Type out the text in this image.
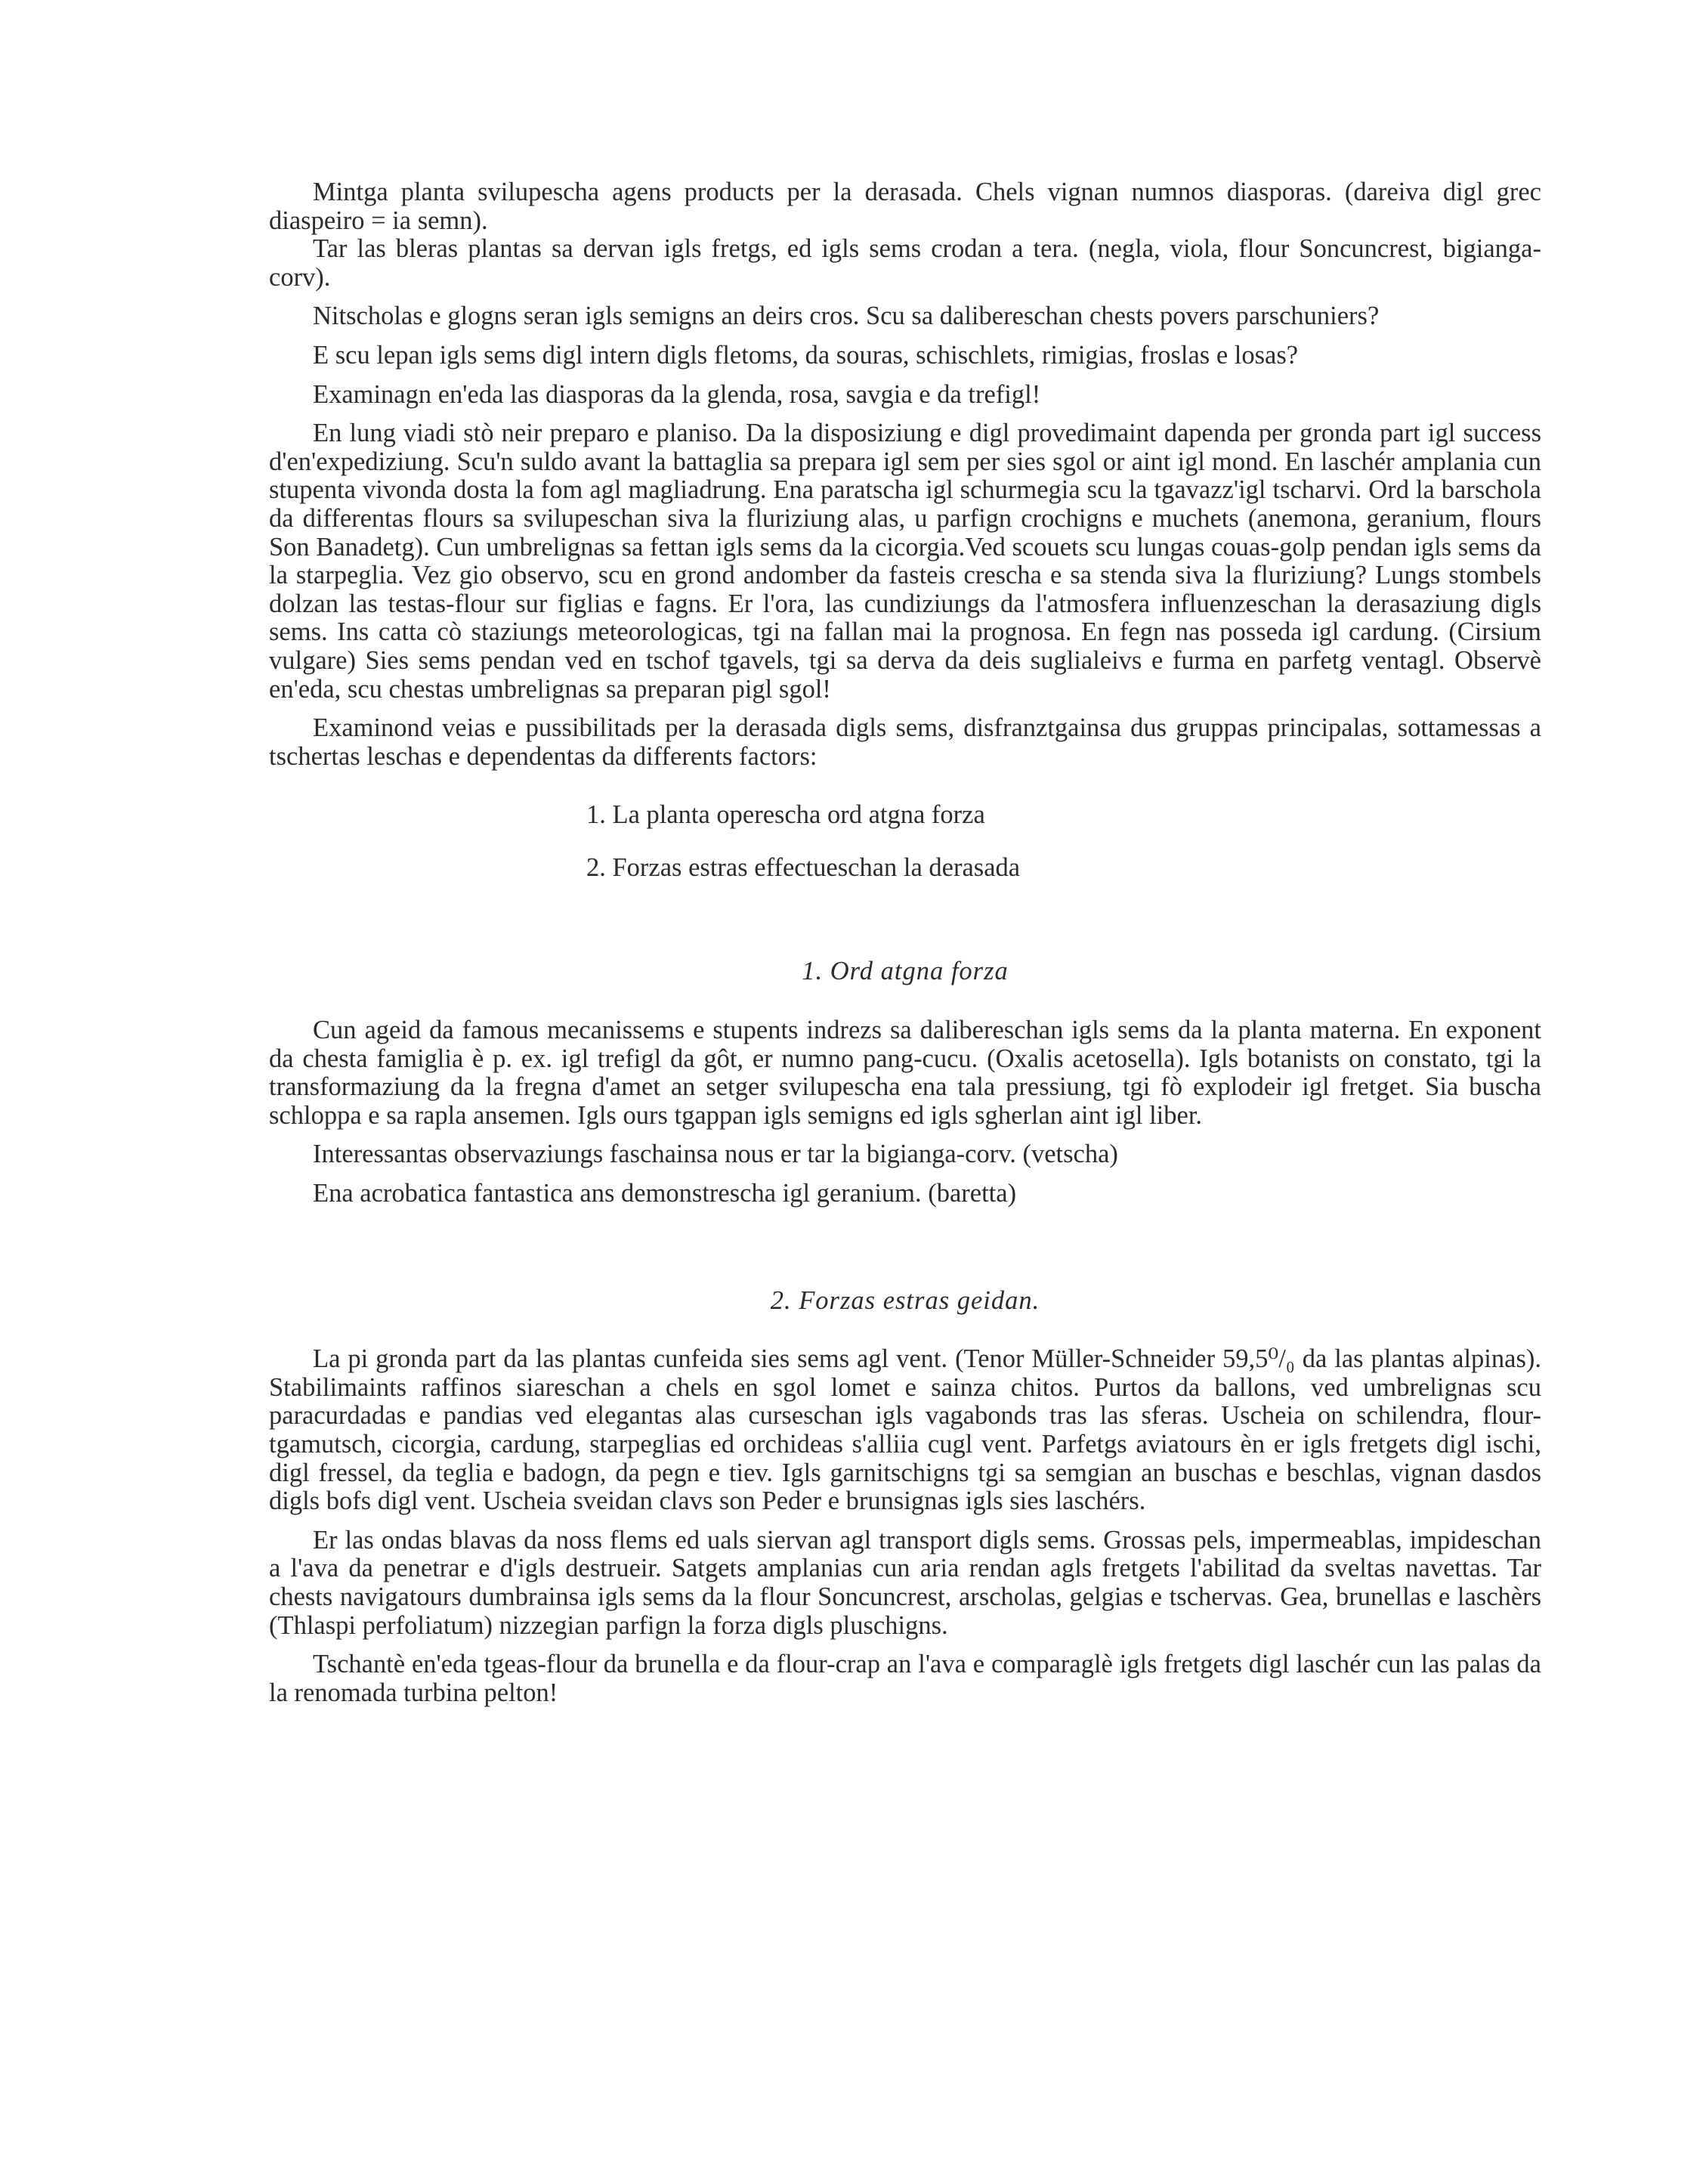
Mintga planta svilupescha agens products per la derasada. Chels vignan numnos diasporas. (dareiva digl grec diaspeiro = ia semn).

Tar las bleras plantas sa dervan igls fretgs, ed igls sems crodan a tera. (negla, viola, flour Soncuncrest, bigianga-corv).

Nitscholas e glogns seran igls semigns an deirs cros. Scu sa dalibereschan chests povers parschuniers?

E scu lepan igls sems digl intern digls fletoms, da souras, schischlets, rimigias, froslas e losas?

Examinagn en'eda las diasporas da la glenda, rosa, savgia e da trefigl!

En lung viadi stò neir preparo e planiso. Da la disposiziung e digl provedimaint dapenda per gronda part igl success d'en'expediziung. Scu'n suldo avant la battaglia sa prepara igl sem per sies sgol or aint igl mond. En laschér amplania cun stupenta vivonda dosta la fom agl magliadrung. Ena paratscha igl schurmegia scu la tgavazz'igl tscharvi. Ord la barschola da differentas flours sa svilupeschan siva la fluriziung alas, u parfign crochigns e muchets (anemona, geranium, flours Son Banadetg). Cun umbrelignas sa fettan igls sems da la cicorgia.Ved scouets scu lungas couas-golp pendan igls sems da la starpeglia. Vez gio observo, scu en grond andomber da fasteis crescha e sa stenda siva la fluriziung? Lungs stombels dolzan las testas-flour sur figlias e fagns. Er l'ora, las cundiziungs da l'atmosfera influenzeschan la derasaziung digls sems. Ins catta cò staziungs meteorologicas, tgi na fallan mai la prognosa. En fegn nas posseda igl cardung. (Cirsium vulgare) Sies sems pendan ved en tschof tgavels, tgi sa derva da deis suglialeivs e furma en parfetg ventagl. Observè en'eda, scu chestas umbrelignas sa preparan pigl sgol!

Examinond veias e pussibilitads per la derasada digls sems, disfranztgainsa dus gruppas principalas, sottamessas a tschertas leschas e dependentas da differents factors:

1. La planta operescha ord atgna forza
2. Forzas estras effectueschan la derasada
1. Ord atgna forza

Cun ageid da famous mecanissems e stupents indrezs sa dalibereschan igls sems da la planta materna. En exponent da chesta famiglia è p. ex. igl trefigl da gôt, er numno pang-cucu. (Oxalis acetosella). Igls botanists on constato, tgi la transformaziung da la fregna d'amet an setger svilupescha ena tala pressiung, tgi fò explodeir igl fretget. Sia buscha schloppa e sa rapla ansemen. Igls ours tgappan igls semigns ed igls sgherlan aint igl liber.

Interessantas observaziungs faschainsa nous er tar la bigianga-corv. (vetscha)

Ena acrobatica fantastica ans demonstrescha igl geranium. (baretta)

2. Forzas estras geidan.

La pi gronda part da las plantas cunfeida sies sems agl vent. (Tenor Müller-Schneider 59,5⁰/₀ da las plantas alpinas). Stabilimaints raffinos siareschan a chels en sgol lomet e sainza chitos. Purtos da ballons, ved umbrelignas scu paracurdadas e pandias ved elegantas alas curseschan igls vagabonds tras las sferas. Uscheia on schilendra, flour-tgamutsch, cicorgia, cardung, starpeglias ed orchideas s'alliia cugl vent. Parfetgs aviatours èn er igls fretgets digl ischi, digl fressel, da teglia e badogn, da pegn e tiev. Igls garnitschigns tgi sa semgian an buschas e beschlas, vignan dasdos digls bofs digl vent. Uscheia sveidan clavs son Peder e brunsignas igls sies laschérs.

Er las ondas blavas da noss flems ed uals siervan agl transport digls sems. Grossas pels, impermeablas, impideschan a l'ava da penetrar e d'igls destrueir. Satgets amplanias cun aria rendan agls fretgets l'abilitad da sveltas navettas. Tar chests navigatours dumbrainsa igls sems da la flour Soncuncrest, arscholas, gelgias e tschervas. Gea, brunellas e laschèrs (Thlaspi perfoliatum) nizzegian parfign la forza digls pluschigns.

Tschantè en'eda tgeas-flour da brunella e da flour-crap an l'ava e comparaglè igls fretgets digl laschér cun las palas da la renomada turbina pelton!
